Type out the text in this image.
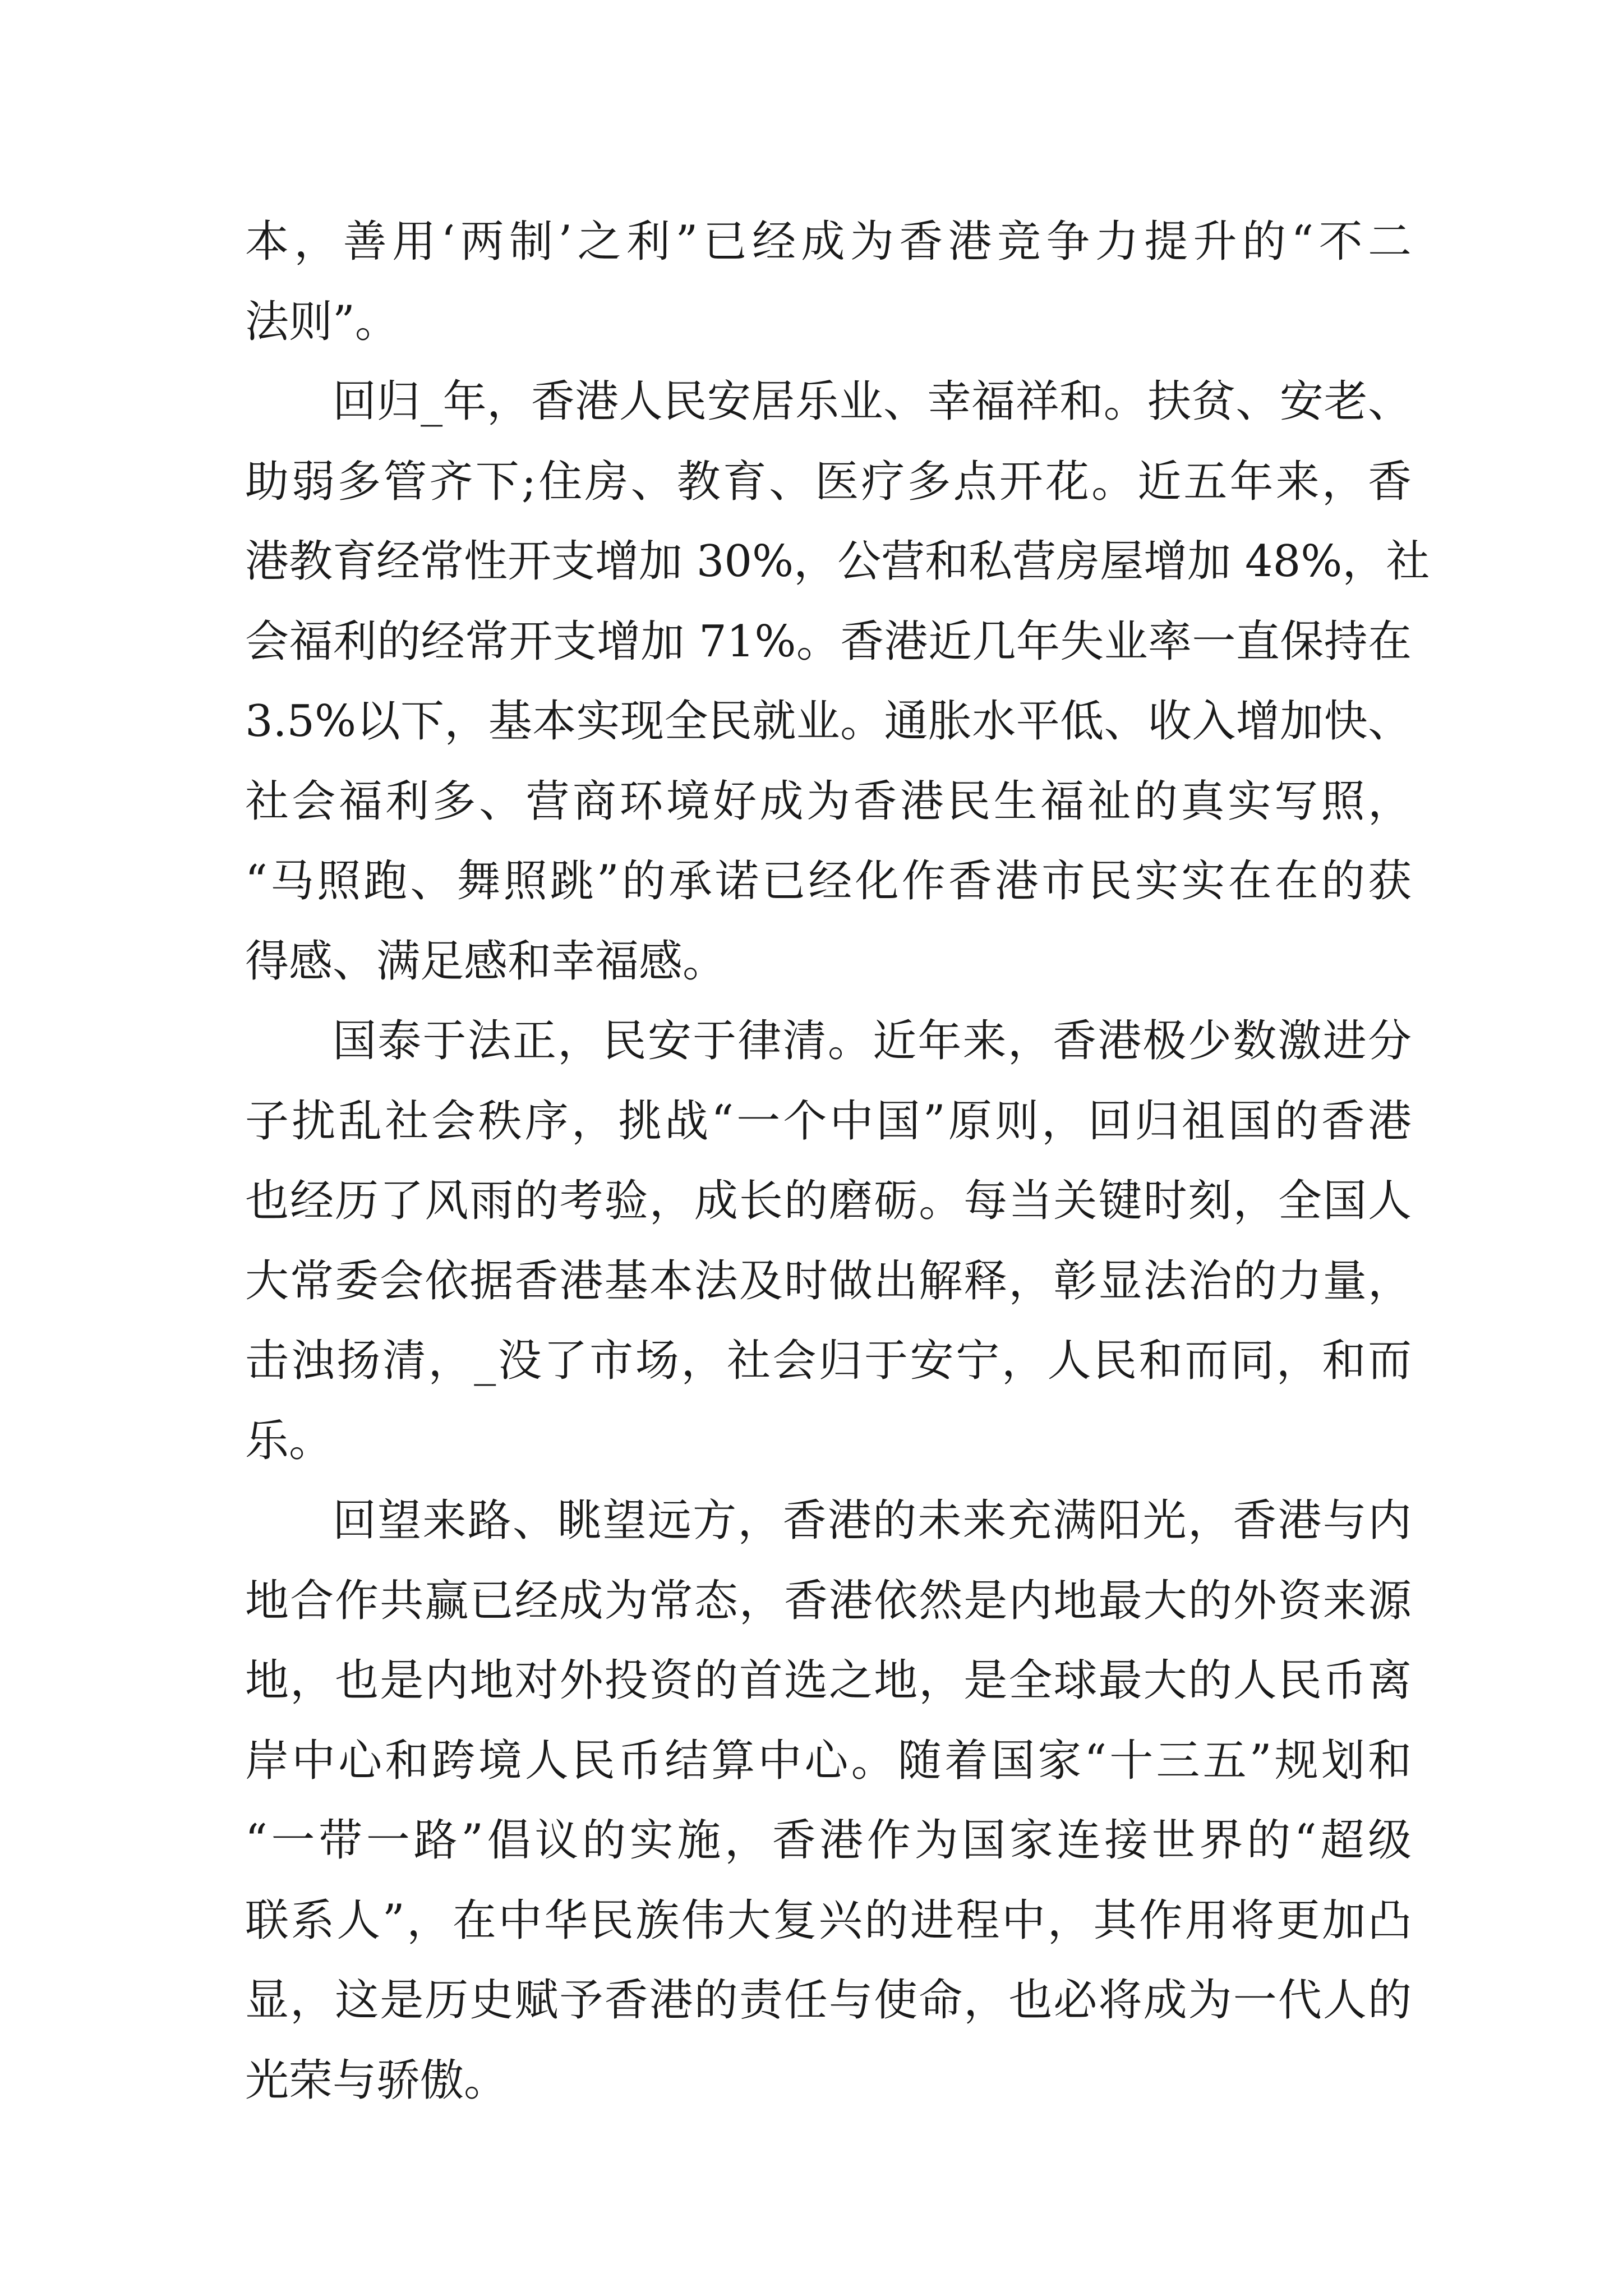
本，善用‘两制’之利”已经成为香港竞争力提升的“不二
法则”。

回归_年，香港人民安居乐业、幸福祥和。扶贫、安老、
助弱多管齐下;住房、教育、医疗多点开花。近五年来，香
港教育经常性开支增加 30%，公营和私营房屋增加 48%，社
会福利的经常开支增加 71%。香港近几年失业率一直保持在
3.5%以下，基本实现全民就业。通胀水平低、收入增加快、
社会福利多、营商环境好成为香港民生福祉的真实写照，
“马照跑、舞照跳”的承诺已经化作香港市民实实在在的获
得感、满足感和幸福感。

国泰于法正，民安于律清。近年来，香港极少数激进分
子扰乱社会秩序，挑战“一个中国”原则，回归祖国的香港
也经历了风雨的考验，成长的磨砺。每当关键时刻，全国人
大常委会依据香港基本法及时做出解释，彰显法治的力量，
击浊扬清，_没了市场，社会归于安宁，人民和而同，和而
乐。

回望来路、眺望远方，香港的未来充满阳光，香港与内
地合作共赢已经成为常态，香港依然是内地最大的外资来源
地，也是内地对外投资的首选之地，是全球最大的人民币离
岸中心和跨境人民币结算中心。随着国家“十三五”规划和
“一带一路”倡议的实施，香港作为国家连接世界的“超级
联系人”，在中华民族伟大复兴的进程中，其作用将更加凸
显，这是历史赋予香港的责任与使命，也必将成为一代人的
光荣与骄傲。
